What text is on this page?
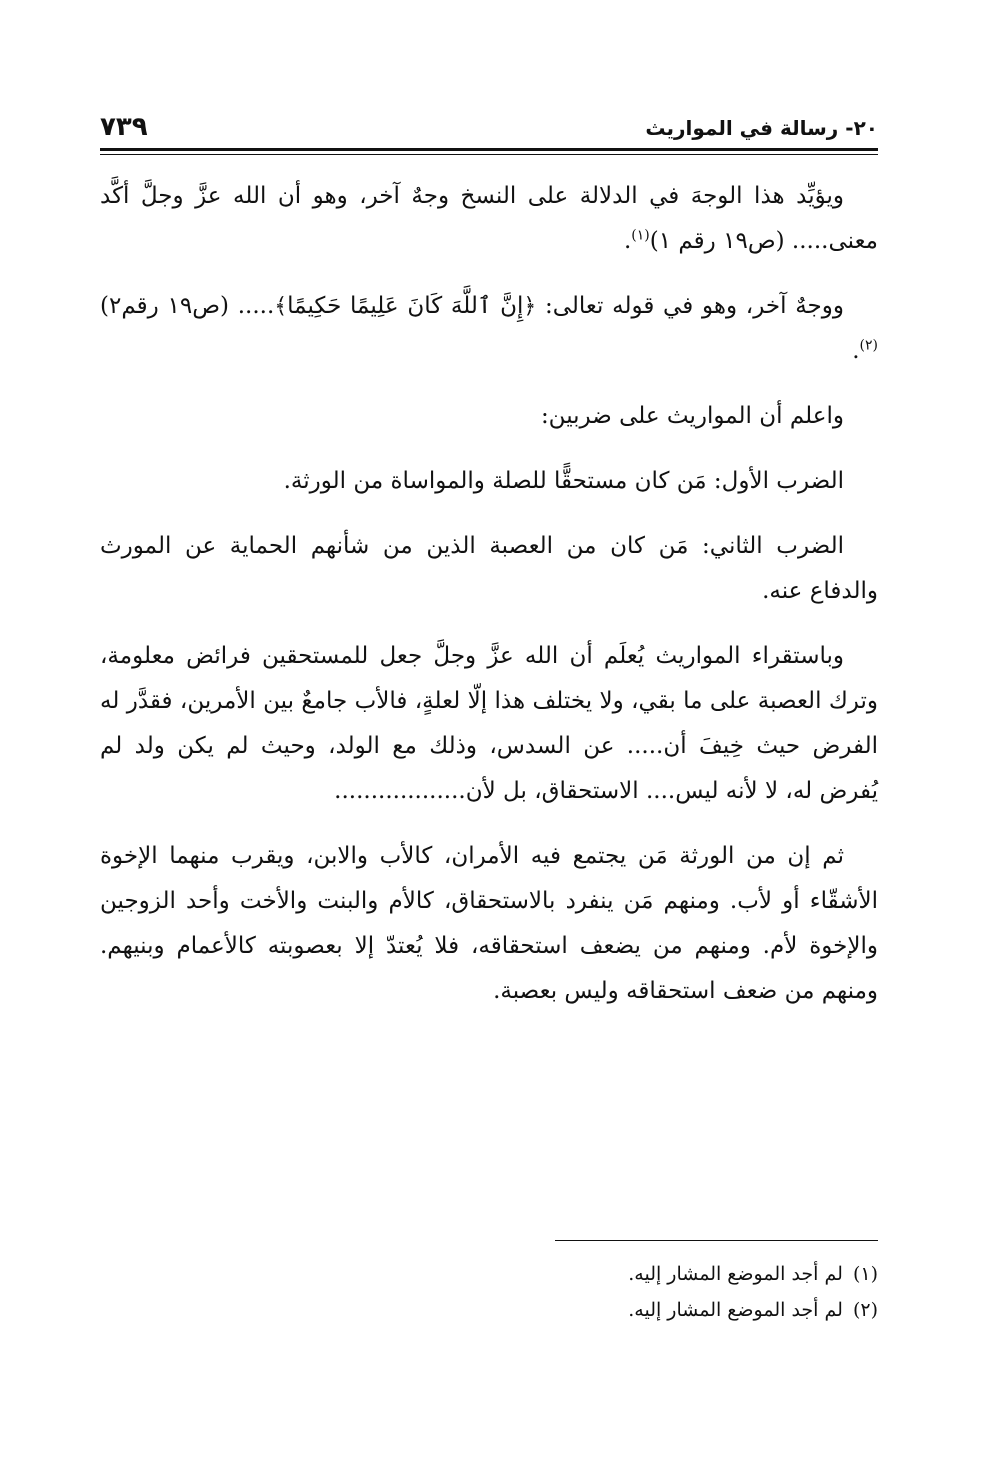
٢٠- رسالة في المواريث
٧٣٩

ويؤيِّد هذا الوجهَ في الدلالة على النسخ وجهٌ آخر، وهو أن الله عزَّ وجلَّ أكَّد معنى..... (ص١٩ رقم ١)$^{(١)}$.

ووجهٌ آخر، وهو في قوله تعالى: ﴿إِنَّ ٱللَّهَ كَانَ عَلِيمًا حَكِيمًا﴾..... (ص١٩ رقم٢)$^{(٢)}$.

واعلم أن المواريث على ضربين:

الضرب الأول: مَن كان مستحقًّا للصلة والمواساة من الورثة.

الضرب الثاني: مَن كان من العصبة الذين من شأنهم الحماية عن المورث والدفاع عنه.

وباستقراء المواريث يُعلَم أن الله عزَّ وجلَّ جعل للمستحقين فرائض معلومة، وترك العصبة على ما بقي، ولا يختلف هذا إلّا لعلةٍ، فالأب جامعٌ بين الأمرين، فقدَّر له الفرض حيث خِيفَ أن..... عن السدس، وذلك مع الولد، وحيث لم يكن ولد لم يُفرض له، لا لأنه ليس.... الاستحقاق، بل لأن..................

ثم إن من الورثة مَن يجتمع فيه الأمران، كالأب والابن، ويقرب منهما الإخوة الأشقّاء أو لأب. ومنهم مَن ينفرد بالاستحقاق، كالأم والبنت والأخت وأحد الزوجين والإخوة لأم. ومنهم من يضعف استحقاقه، فلا يُعتدّ إلا بعصوبته كالأعمام وبنيهم. ومنهم من ضعف استحقاقه وليس بعصبة.

(١)لم أجد الموضع المشار إليه.
(٢)لم أجد الموضع المشار إليه.
